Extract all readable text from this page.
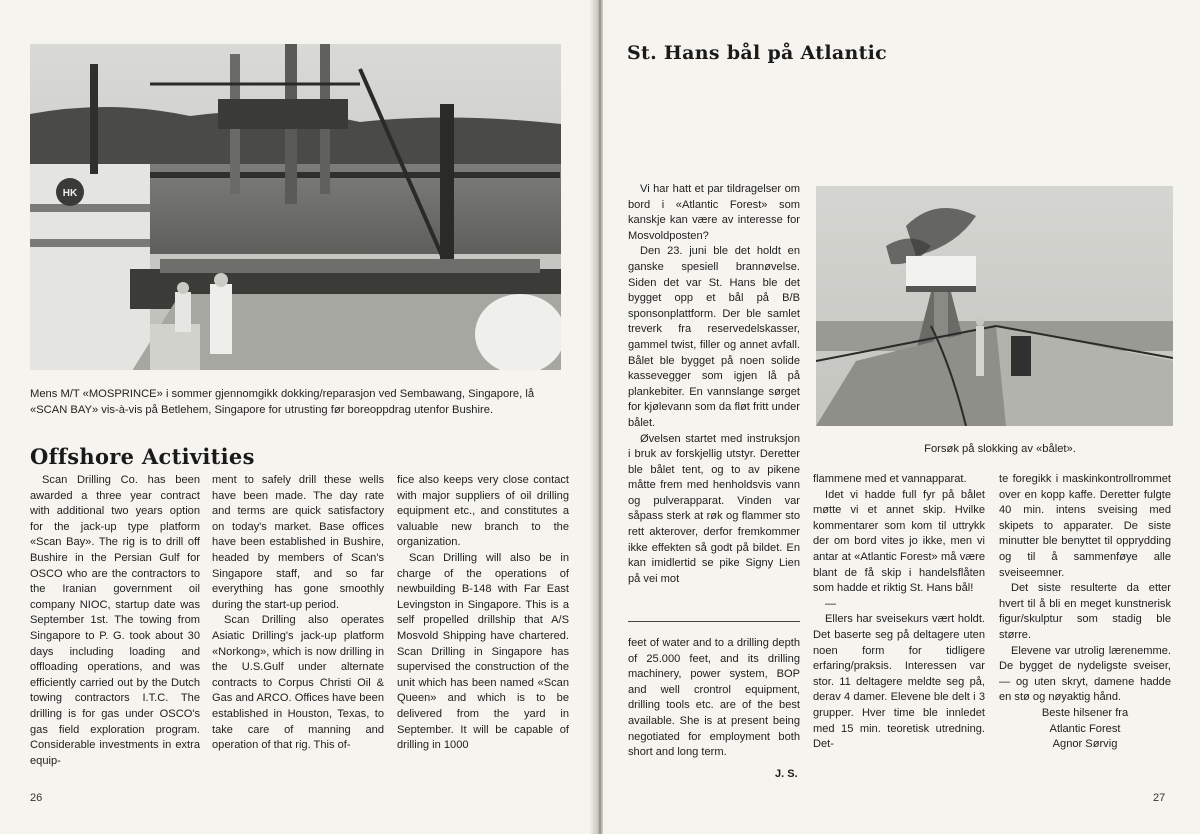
HK
Mens M/T «MOSPRINCE» i sommer gjennomgikk dokking/reparasjon ved Sembawang, Singapore, lå «SCAN BAY» vis-à-vis på Betlehem, Singapore for utrusting før boreoppdrag utenfor Bushire.
Offshore Activities

Scan Drilling Co. has been awarded a three year contract with additional two years option for the jack-up type platform «Scan Bay». The rig is to drill off Bushire in the Persian Gulf for OSCO who are the contractors to the Iranian government oil company NIOC, startup date was September 1st. The towing from Singapore to P. G. took about 30 days including loading and offloading operations, and was efficiently carried out by the Dutch towing contractors I.T.C. The drilling is for gas under OSCO's gas field exploration program. Considerable investments in extra equip-

ment to safely drill these wells have been made. The day rate and terms are quick satisfactory on today's market. Base offices have been established in Bushire, headed by members of Scan's Singapore staff, and so far everything has gone smoothly during the start-up period.

Scan Drilling also operates Asiatic Drilling's jack-up platform «Norkong», which is now drilling in the U.S.Gulf under alternate contracts to Corpus Christi Oil & Gas and ARCO. Offices have been established in Houston, Texas, to take care of manning and operation of that rig. This of-

fice also keeps very close contact with major suppliers of oil drilling equipment etc., and constitutes a valuable new branch to the organization.

Scan Drilling will also be in charge of the operations of newbuilding B-148 with Far East Levingston in Singapore. This is a self propelled drillship that A/S Mosvold Shipping have chartered. Scan Drilling in Singapore has supervised the construction of the unit which has been named «Scan Queen» and which is to be delivered from the yard in September. It will be capable of drilling in 1000

26
St. Hans bål på Atlantic

Vi har hatt et par tildragelser om bord i «Atlantic Forest» som kanskje kan være av interesse for Mosvoldposten?

Den 23. juni ble det holdt en ganske spesiell brannøvelse. Siden det var St. Hans ble det bygget opp et bål på B/B sponsonplattform. Der ble samlet treverk fra reservedelskasser, gammel twist, filler og annet avfall. Bålet ble bygget på noen solide kassevegger som igjen lå på plankebiter. En vannslange sørget for kjølevann som da fløt fritt under bålet.

Øvelsen startet med instruksjon i bruk av forskjellig utstyr. Deretter ble bålet tent, og to av pikene måtte frem med henholdsvis vann og pulverapparat. Vinden var såpass sterk at røk og flammer sto rett akterover, derfor fremkommer ikke effekten så godt på bildet. En kan imidlertid se pike Signy Lien på vei mot

feet of water and to a drilling depth of 25.000 feet, and its drilling machinery, power system, BOP and well crontrol equipment, drilling tools etc. are of the best available. She is at present being negotiated for employment both short and long term.

J. S.
Forsøk på slokking av «bålet».

flammene med et vannapparat.

Idet vi hadde full fyr på bålet møtte vi et annet skip. Hvilke kommentarer som kom til uttrykk der om bord vites jo ikke, men vi antar at «Atlantic Forest» må være blant de få skip i handelsflåten som hadde et riktig St. Hans bål!

—

Ellers har sveisekurs vært holdt. Det baserte seg på deltagere uten noen form for tidligere erfaring/praksis. Interessen var stor. 11 deltagere meldte seg på, derav 4 damer. Elevene ble delt i 3 grupper. Hver time ble innledet med 15 min. teoretisk utredning. Det-

te foregikk i maskinkontrollrommet over en kopp kaffe. Deretter fulgte 40 min. intens sveising med skipets to apparater. De siste minutter ble benyttet til opprydding og til å sammenføye alle sveiseemner.

Det siste resulterte da etter hvert til å bli en meget kunstnerisk figur/skulptur som stadig ble større.

Elevene var utrolig lærenemme. De bygget de nydeligste sveiser, — og uten skryt, damene hadde en stø og nøyaktig hånd.

Beste hilsener fra

Atlantic Forest

Agnor Sørvig

27
